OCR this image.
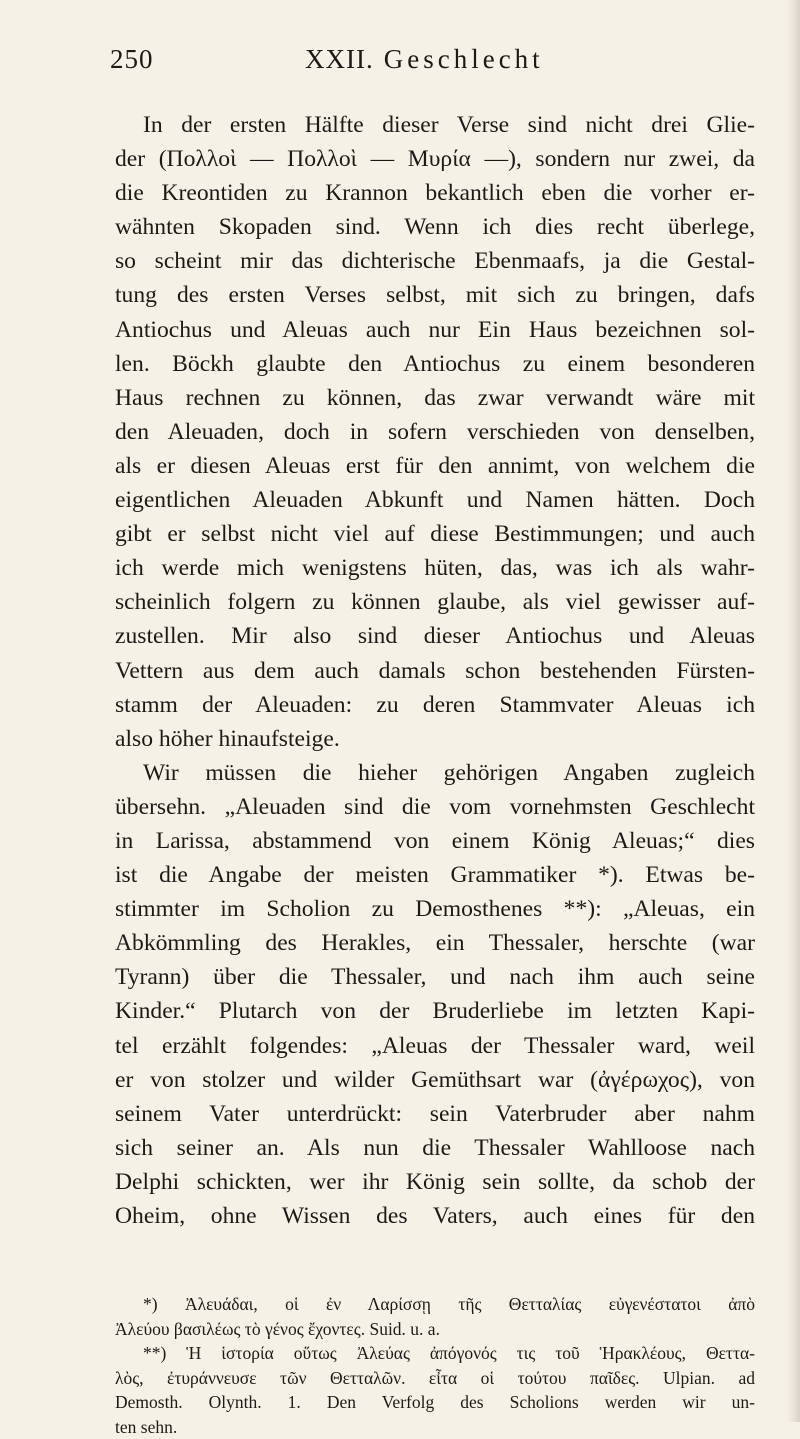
250	XXII. Geschlecht
In der ersten Hälfte dieser Verse sind nicht drei Glie-
der (Πολλοὶ — Πολλοὶ — Μυρία —), sondern nur zwei, da
die Kreontiden zu Krannon bekantlich eben die vorher er-
wähnten Skopaden sind. Wenn ich dies recht überlege,
so scheint mir das dichterische Ebenmaafs, ja die Gestal-
tung des ersten Verses selbst, mit sich zu bringen, dafs
Antiochus und Aleuas auch nur Ein Haus bezeichnen sol-
len. Böckh glaubte den Antiochus zu einem besonderen
Haus rechnen zu können, das zwar verwandt wäre mit
den Aleuaden, doch in sofern verschieden von denselben,
als er diesen Aleuas erst für den annimt, von welchem die
eigentlichen Aleuaden Abkunft und Namen hätten. Doch
gibt er selbst nicht viel auf diese Bestimmungen; und auch
ich werde mich wenigstens hüten, das, was ich als wahr-
scheinlich folgern zu können glaube, als viel gewisser auf-
zustellen. Mir also sind dieser Antiochus und Aleuas
Vettern aus dem auch damals schon bestehenden Fürsten-
stamm der Aleuaden: zu deren Stammvater Aleuas ich
also höher hinaufsteige.
Wir müssen die hieher gehörigen Angaben zugleich
übersehn. „Aleuaden sind die vom vornehmsten Geschlecht
in Larissa, abstammend von einem König Aleuas;“ dies
ist die Angabe der meisten Grammatiker *). Etwas be-
stimmter im Scholion zu Demosthenes **): „Aleuas, ein
Abkömmling des Herakles, ein Thessaler, herschte (war
Tyrann) über die Thessaler, und nach ihm auch seine
Kinder.“ Plutarch von der Bruderliebe im letzten Kapi-
tel erzählt folgendes: „Aleuas der Thessaler ward, weil
er von stolzer und wilder Gemüthsart war (ἀγέρωχος), von
seinem Vater unterdrückt: sein Vaterbruder aber nahm
sich seiner an. Als nun die Thessaler Wahlloose nach
Delphi schickten, wer ihr König sein sollte, da schob der
Oheim, ohne Wissen des Vaters, auch eines für den
*) Ἀλευάδαι, οἱ ἐν Λαρίσσῃ τῆς Θετταλίας εὐγενέστατοι ἀπὸ
Ἀλεύου βασιλέως τὸ γένος ἔχοντες. Suid. u. a.
**) Ἡ ἱστορία οὕτως Ἀλεύας ἀπόγονός τις τοῦ Ἡρακλέους, Θεττα-
λὸς, ἐτυράννευσε τῶν Θετταλῶν. εἶτα οἱ τούτου παῖδες. Ulpian. ad
Demosth. Olynth. 1. Den Verfolg des Scholions werden wir un-
ten sehn.
